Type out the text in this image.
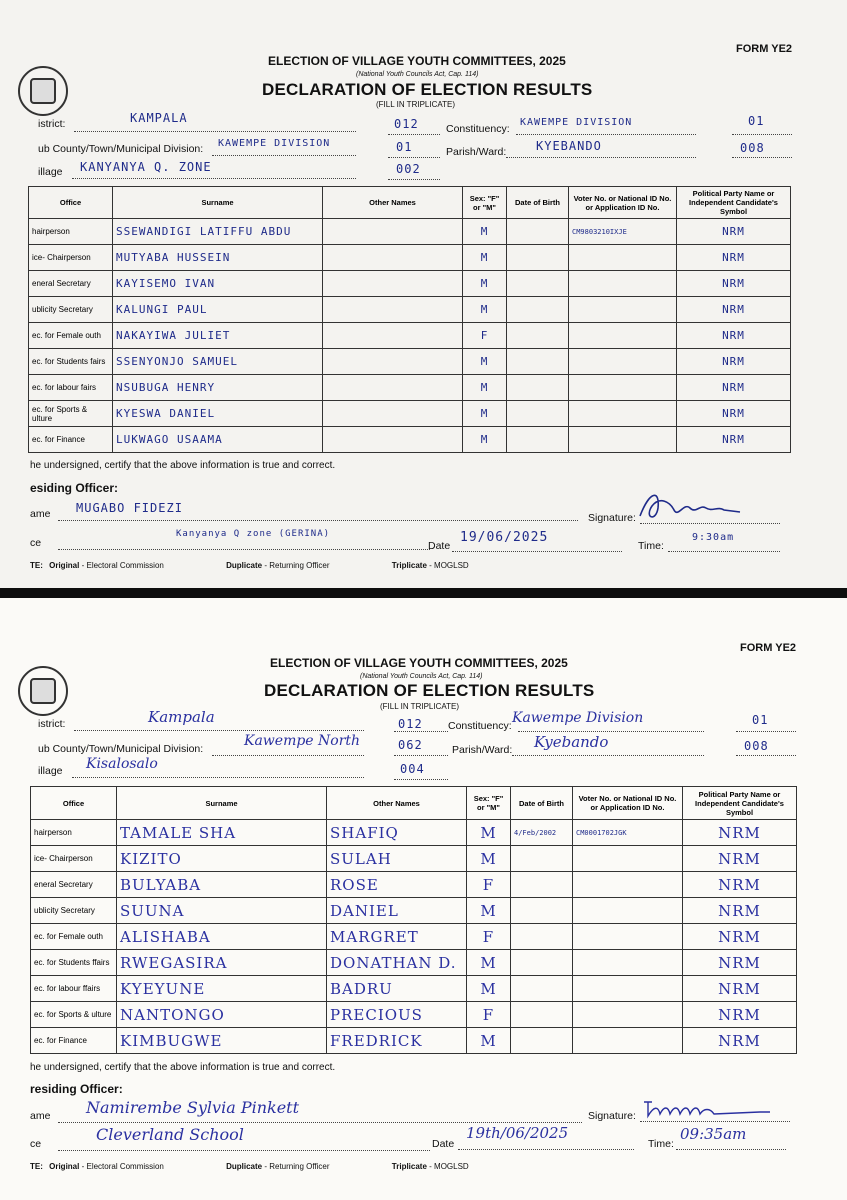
FORM YE2
ELECTION OF VILLAGE YOUTH COMMITTEES, 2025
(National Youth Councils Act, Cap. 114)
DECLARATION OF ELECTION RESULTS
(FILL IN TRIPLICATE)
istrict:	KAMPALA	012	Constituency:
KAWEMPE DIVISION	01
ub County/Town/Municipal Division: KAWEMPE DIVISION	01	Parish/Ward: KYEBANDO	008
illage KANYANYA Q. ZONE	002
Office	Surname	Other Names	Sex: "F" or "M"	Date of Birth	Voter No. or National ID No. or Application ID No.	Political Party Name or Independent Candidate's Symbol
hairperson	SSEWANDIGI LATIFFU ABDU		M		CM9803210IXJE	NRM
ice- Chairperson	MUTYABA HUSSEIN		M			NRM
eneral Secretary	KAYISEMO IVAN		M			NRM
ublicity Secretary	KALUNGI PAUL		M			NRM
ec. for Female outh	NAKAYIWA JULIET		F			NRM
ec. for Students fairs	SSENYONJO SAMUEL		M			NRM
ec. for labour fairs	NSUBUGA HENRY		M			NRM
ec. for Sports & ulture	KYESWA DANIEL		M			NRM
ec. for Finance	LUKWAGO USAAMA		M			NRM
he undersigned, certify that the above information is true and correct.
esiding Officer:
ame MUGABO FIDEZI
Signature:
ce
Kanyanya Q zone (GERINA)
Date
19/06/2025
Time:
9:30am
TE: Original - Electoral Commission	Duplicate - Returning Officer	Triplicate - MOGLSD
FORM YE2
ELECTION OF VILLAGE YOUTH COMMITTEES, 2025
(National Youth Councils Act, Cap. 114)
DECLARATION OF ELECTION RESULTS
(FILL IN TRIPLICATE)
istrict:	Kampala	012 Constituency: Kawempe Division	01
ub County/Town/Municipal Division:	Kawempe North	062	Parish/Ward: Kyebando	008
illage Kisalosalo	004
Office	Surname	Other Names	Sex: "F" or "M"	Date of Birth	Voter No. or National ID No. or Application ID No.	Political Party Name or Independent Candidate's Symbol
hairperson	TAMALE SHA	SHAFIQ	M	4/Feb/2002	CM0001702JGK	NRM
ice- Chairperson	KIZITO	SULAH	M			NRM
eneral Secretary	BULYABA	ROSE	F			NRM
ublicity Secretary	SUUNA	DANIEL	M			NRM
ec. for Female outh	ALISHABA	MARGRET	F			NRM
ec. for Students ffairs	RWEGASIRA	DONATHAN D.	M			NRM
ec. for labour ffairs	KYEYUNE	BADRU	M			NRM
ec. for Sports & ulture	NANTONGO	PRECIOUS	F			NRM
ec. for Finance	KIMBUGWE	FREDRICK	M			NRM
he undersigned, certify that the above information is true and correct.
residing Officer:
ame Namirembe Sylvia Pinkett	Signature:
ce	Cleverland School	Date
19th/06/2025
Time:
09:35am
TE: Original - Electoral Commission	Duplicate - Returning Officer	Triplicate - MOGLSD
